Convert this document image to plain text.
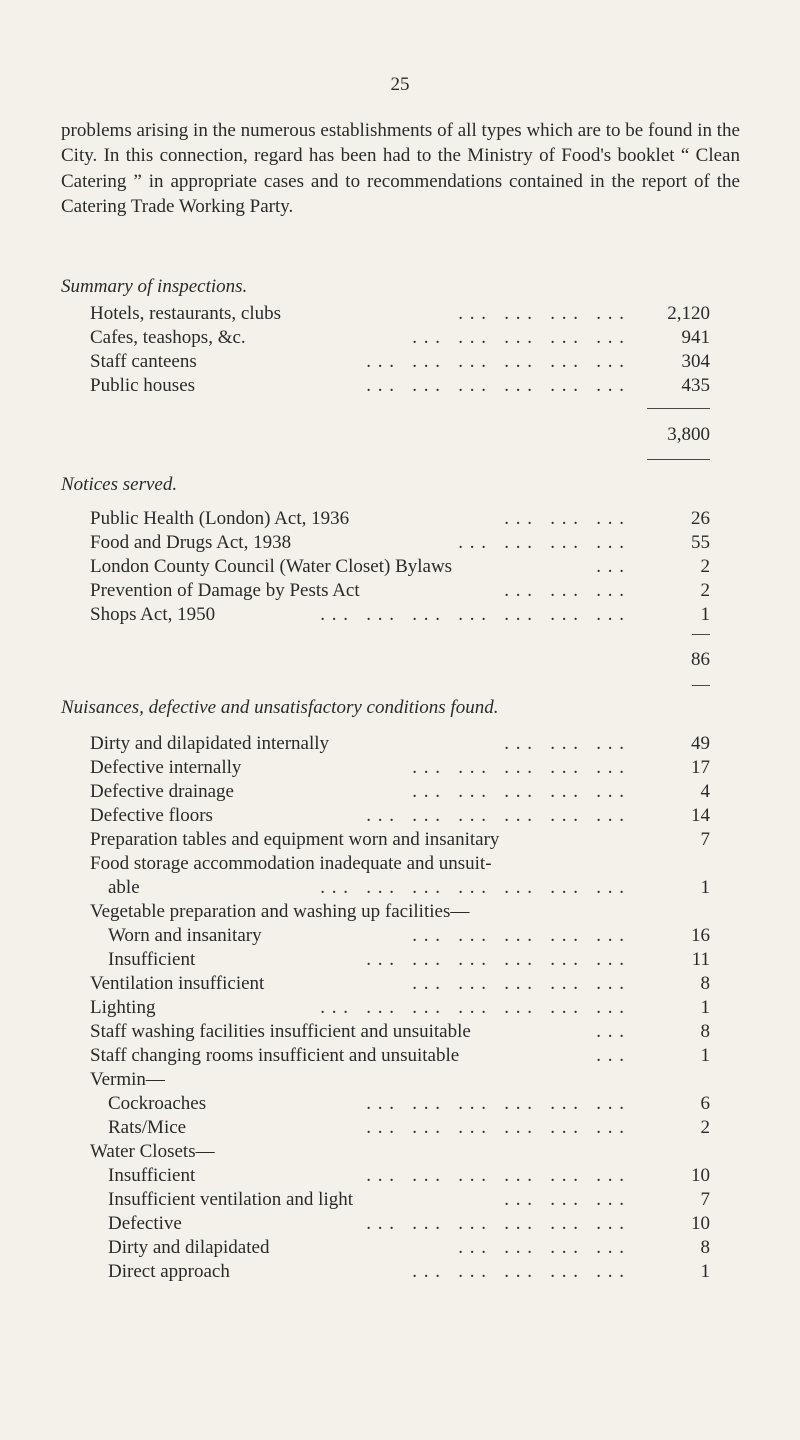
25

problems arising in the numerous establishments of all types which are to be found in the City. In this connection, regard has been had to the Ministry of Food's booklet “ Clean Catering ” in appropriate cases and to recommendations contained in the report of the Catering Trade Working Party.

Summary of inspections.

. . .   . . .   . . .   . . .
Hotels, restaurants, clubs	2,120
. . .   . . .   . . .   . . .   . . .
Cafes, teashops, &c.	941
. . .   . . .   . . .   . . .   . . .   . . .
Staff canteens	304
. . .   . . .   . . .   . . .   . . .   . . .
Public houses	435
3,800

Notices served.

. . .   . . .   . . .
Public Health (London) Act, 1936	26
. . .   . . .   . . .   . . .
Food and Drugs Act, 1938	55
. . .
London County Council (Water Closet) Bylaws	2
. . .   . . .   . . .
Prevention of Damage by Pests Act	2
. . .   . . .   . . .   . . .   . . .   . . .   . . .
Shops Act, 1950	1
86

Nuisances, defective and unsatisfactory conditions found.

. . .   . . .   . . .
Dirty and dilapidated internally	49
. . .   . . .   . . .   . . .   . . .
Defective internally	17
. . .   . . .   . . .   . . .   . . .
Defective drainage	4
. . .   . . .   . . .   . . .   . . .   . . .
Defective floors	14
Preparation tables and equipment worn and insanitary	7
Food storage accommodation inadequate and unsuit-
. . .   . . .   . . .   . . .   . . .   . . .   . . .
able	1
Vegetable preparation and washing up facilities—
. . .   . . .   . . .   . . .   . . .
Worn and insanitary	16
. . .   . . .   . . .   . . .   . . .   . . .
Insufficient	11
. . .   . . .   . . .   . . .   . . .
Ventilation insufficient	8
. . .   . . .   . . .   . . .   . . .   . . .   . . .
Lighting	1
. . .
Staff washing facilities insufficient and unsuitable	8
. . .
Staff changing rooms insufficient and unsuitable	1
Vermin—
. . .   . . .   . . .   . . .   . . .   . . .
Cockroaches	6
. . .   . . .   . . .   . . .   . . .   . . .
Rats/Mice	2
Water Closets—
. . .   . . .   . . .   . . .   . . .   . . .
Insufficient	10
. . .   . . .   . . .
Insufficient ventilation and light	7
. . .   . . .   . . .   . . .   . . .   . . .
Defective	10
. . .   . . .   . . .   . . .
Dirty and dilapidated	8
. . .   . . .   . . .   . . .   . . .
Direct approach	1
